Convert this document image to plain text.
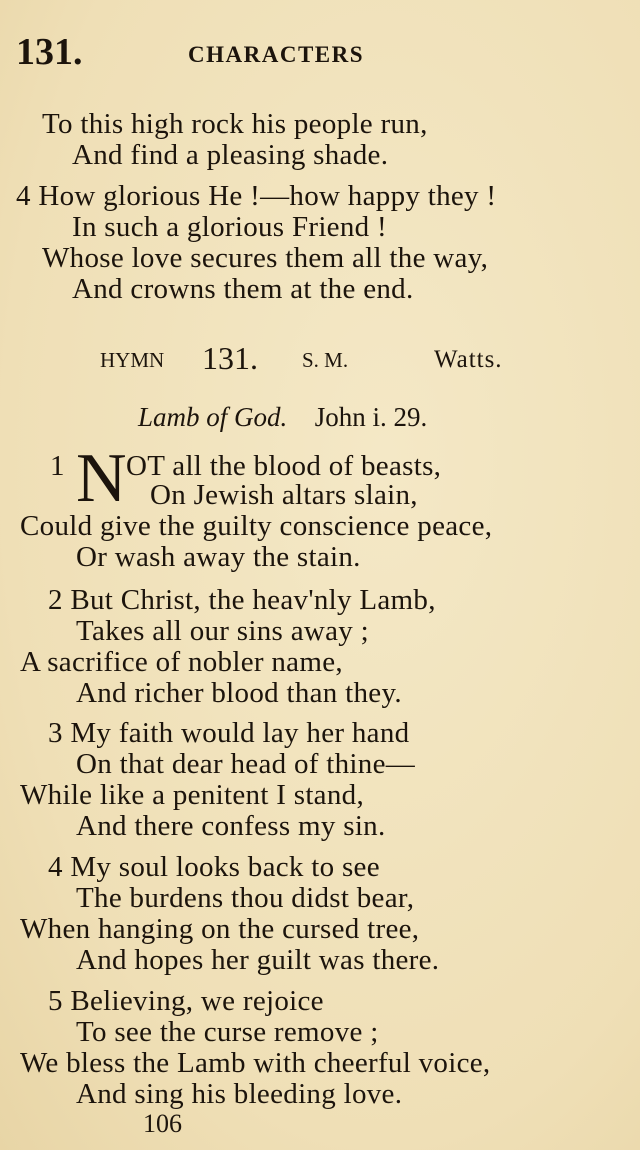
131.	CHARACTERS
To this high rock his people run,
And find a pleasing shade.
4 How glorious He !—how happy they !
In such a glorious Friend !
Whose love secures them all the way,
And crowns them at the end.
HYMN 131. S. M.	Watts.
Lamb of God. John i. 29.
1 N OT all the blood of beasts,
On Jewish altars slain,
Could give the guilty conscience peace,
Or wash away the stain.
2 But Christ, the heav'nly Lamb,
Takes all our sins away ;
A sacrifice of nobler name,
And richer blood than they.
3 My faith would lay her hand
On that dear head of thine—
While like a penitent I stand,
And there confess my sin.
4 My soul looks back to see
The burdens thou didst bear,
When hanging on the cursed tree,
And hopes her guilt was there.
5 Believing, we rejoice
To see the curse remove ;
We bless the Lamb with cheerful voice,
And sing his bleeding love.
106
